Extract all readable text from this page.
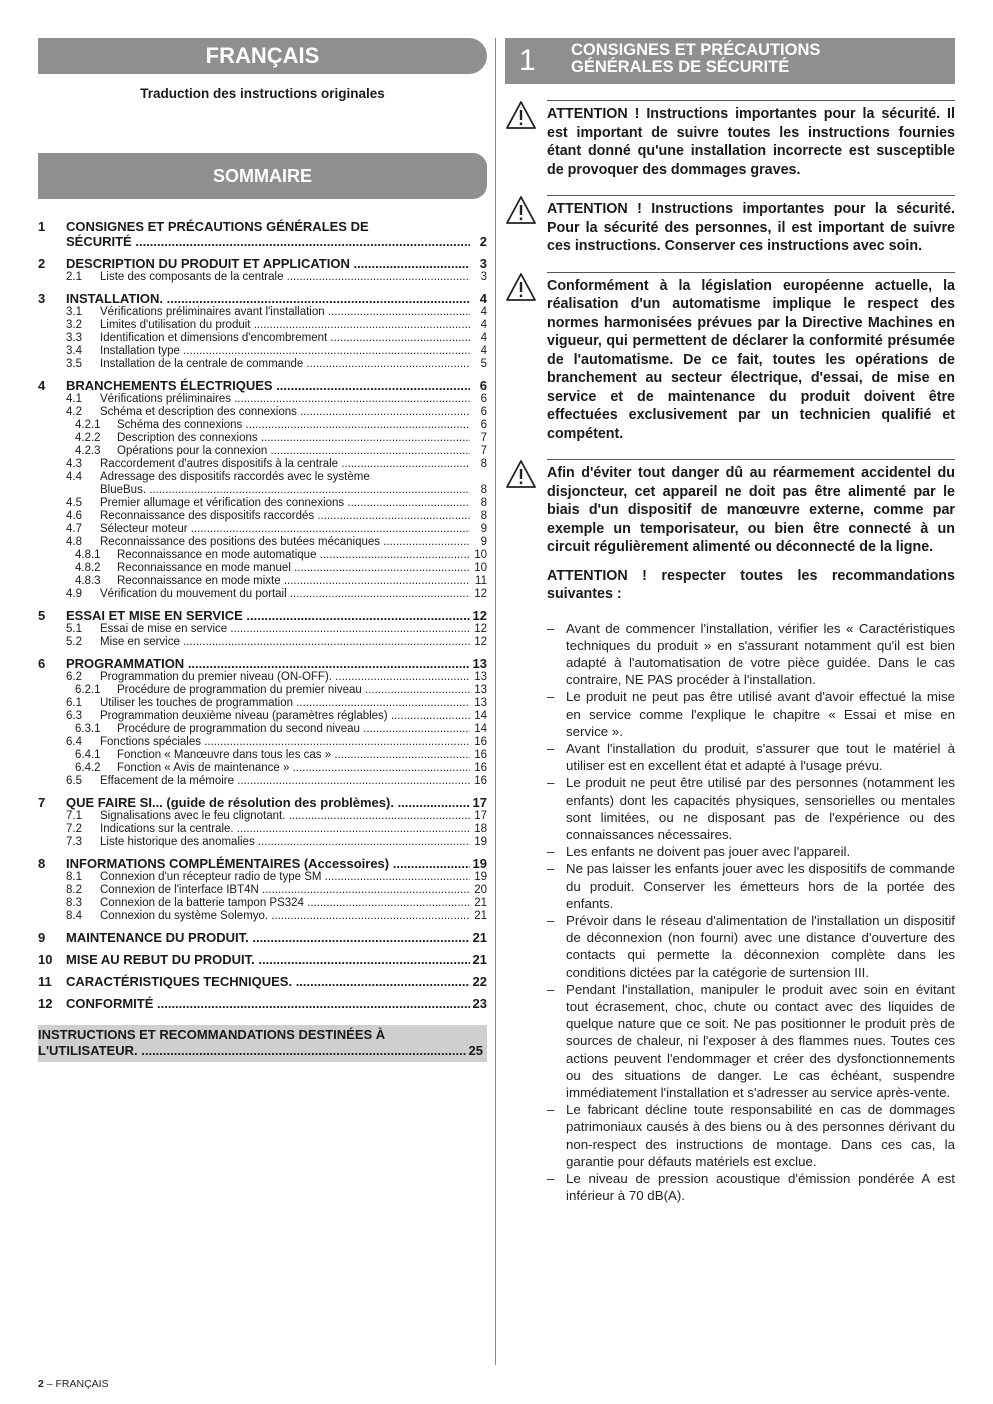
FRANÇAIS
Traduction des instructions originales
SOMMAIRE
1	CONSIGNES ET PRÉCAUTIONS GÉNÉRALES DE
SÉCURITÉ .....	2
2	DESCRIPTION DU PRODUIT ET APPLICATION .....	3
2.1	Liste des composants de la centrale .....	3
3	INSTALLATION. .....	4
3.1	Vérifications préliminaires avant l'installation .....	4
3.2	Limites d'utilisation du produit .....	4
3.3	Identification et dimensions d'encombrement .....	4
3.4	Installation type .....	4
3.5	Installation de la centrale de commande .....	5
4	BRANCHEMENTS ÉLECTRIQUES .....	6
4.1	Vérifications préliminaires .....	6
4.2	Schéma et description des connexions .....	6
4.2.1	Schéma des connexions .....	6
4.2.2	Description des connexions .....	7
4.2.3	Opérations pour la connexion .....	7
4.3	Raccordement d'autres dispositifs à la centrale .....	8
4.4	Adressage des dispositifs raccordés avec le système
BlueBus. .....	8
4.5	Premier allumage et vérification des connexions .....	8
4.6	Reconnaissance des dispositifs raccordés .....	8
4.7	Sélecteur moteur .....	9
4.8	Reconnaissance des positions des butées mécaniques .....	9
4.8.1	Reconnaissance en mode automatique .....	10
4.8.2	Reconnaissance en mode manuel .....	10
4.8.3	Reconnaissance en mode mixte .....	11
4.9	Vérification du mouvement du portail .....	12
5	ESSAI ET MISE EN SERVICE .....	12
5.1	Essai de mise en service .....	12
5.2	Mise en service .....	12
6	PROGRAMMATION .....	13
6.2	Programmation du premier niveau (ON-OFF). .....	13
6.2.1	Procédure de programmation du premier niveau .....	13
6.1	Utiliser les touches de programmation .....	13
6.3	Programmation deuxième niveau (paramètres réglables) .....	14
6.3.1	Procédure de programmation du second niveau .....	14
6.4	Fonctions spéciales .....	16
6.4.1	Fonction « Manœuvre dans tous les cas » .....	16
6.4.2	Fonction « Avis de maintenance » .....	16
6.5	Effacement de la mémoire .....	16
7	QUE FAIRE SI... (guide de résolution des problèmes). .....	17
7.1	Signalisations avec le feu clignotant. .....	17
7.2	Indications sur la centrale. .....	18
7.3	Liste historique des anomalies .....	19
8	INFORMATIONS COMPLÉMENTAIRES (Accessoires) .....	19
8.1	Connexion d'un récepteur radio de type SM .....	19
8.2	Connexion de l'interface IBT4N .....	20
8.3	Connexion de la batterie tampon PS324 .....	21
8.4	Connexion du système Solemyo. .....	21
9	MAINTENANCE DU PRODUIT. .....	21
10	MISE AU REBUT DU PRODUIT. .....	21
11	CARACTÉRISTIQUES TECHNIQUES. .....	22
12	CONFORMITÉ .....	23
INSTRUCTIONS ET RECOMMANDATIONS DESTINÉES À
L'UTILISATEUR. .....	25
1 CONSIGNES ET PRÉCAUTIONS
GÉNÉRALES DE SÉCURITÉ
ATTENTION ! Instructions importantes pour la sécurité. Il est important de suivre toutes les instructions fournies étant donné qu'une installation incorrecte est susceptible de provoquer des dommages graves.
ATTENTION ! Instructions importantes pour la sécurité. Pour la sécurité des personnes, il est important de suivre ces instructions. Conserver ces instructions avec soin.
Conformément à la législation européenne actuelle, la réalisation d'un automatisme implique le respect des normes harmonisées prévues par la Directive Machines en vigueur, qui permettent de déclarer la conformité présumée de l'automatisme. De ce fait, toutes les opérations de branchement au secteur électrique, d'essai, de mise en service et de maintenance du produit doivent être effectuées exclusivement par un technicien qualifié et compétent.
Afin d'éviter tout danger dû au réarmement accidentel du disjoncteur, cet appareil ne doit pas être alimenté par le biais d'un dispositif de manœuvre externe, comme par exemple un temporisateur, ou bien être connecté à un circuit régulièrement alimenté ou déconnecté de la ligne.
ATTENTION ! respecter toutes les recommandations suivantes :
– Avant de commencer l'installation, vérifier les « Caractéristiques techniques du produit » en s'assurant notamment qu'il est bien adapté à l'automatisation de votre pièce guidée. Dans le cas contraire, NE PAS procéder à l'installation.
– Le produit ne peut pas être utilisé avant d'avoir effectué la mise en service comme l'explique le chapitre « Essai et mise en service ».
– Avant l'installation du produit, s'assurer que tout le matériel à utiliser est en excellent état et adapté à l'usage prévu.
– Le produit ne peut être utilisé par des personnes (notamment les enfants) dont les capacités physiques, sensorielles ou mentales sont limitées, ou ne disposant pas de l'expérience ou des connaissances nécessaires.
– Les enfants ne doivent pas jouer avec l'appareil.
– Ne pas laisser les enfants jouer avec les dispositifs de commande du produit. Conserver les émetteurs hors de la portée des enfants.
– Prévoir dans le réseau d'alimentation de l'installation un dispositif de déconnexion (non fourni) avec une distance d'ouverture des contacts qui permette la déconnexion complète dans les conditions dictées par la catégorie de surtension III.
– Pendant l'installation, manipuler le produit avec soin en évitant tout écrasement, choc, chute ou contact avec des liquides de quelque nature que ce soit. Ne pas positionner le produit près de sources de chaleur, ni l'exposer à des flammes nues. Toutes ces actions peuvent l'endommager et créer des dysfonctionnements ou des situations de danger. Le cas échéant, suspendre immédiatement l'installation et s'adresser au service après-vente.
– Le fabricant décline toute responsabilité en cas de dommages patrimoniaux causés à des biens ou à des personnes dérivant du non-respect des instructions de montage. Dans ces cas, la garantie pour défauts matériels est exclue.
– Le niveau de pression acoustique d'émission pondérée A est inférieur à 70 dB(A).
2 – FRANÇAIS
